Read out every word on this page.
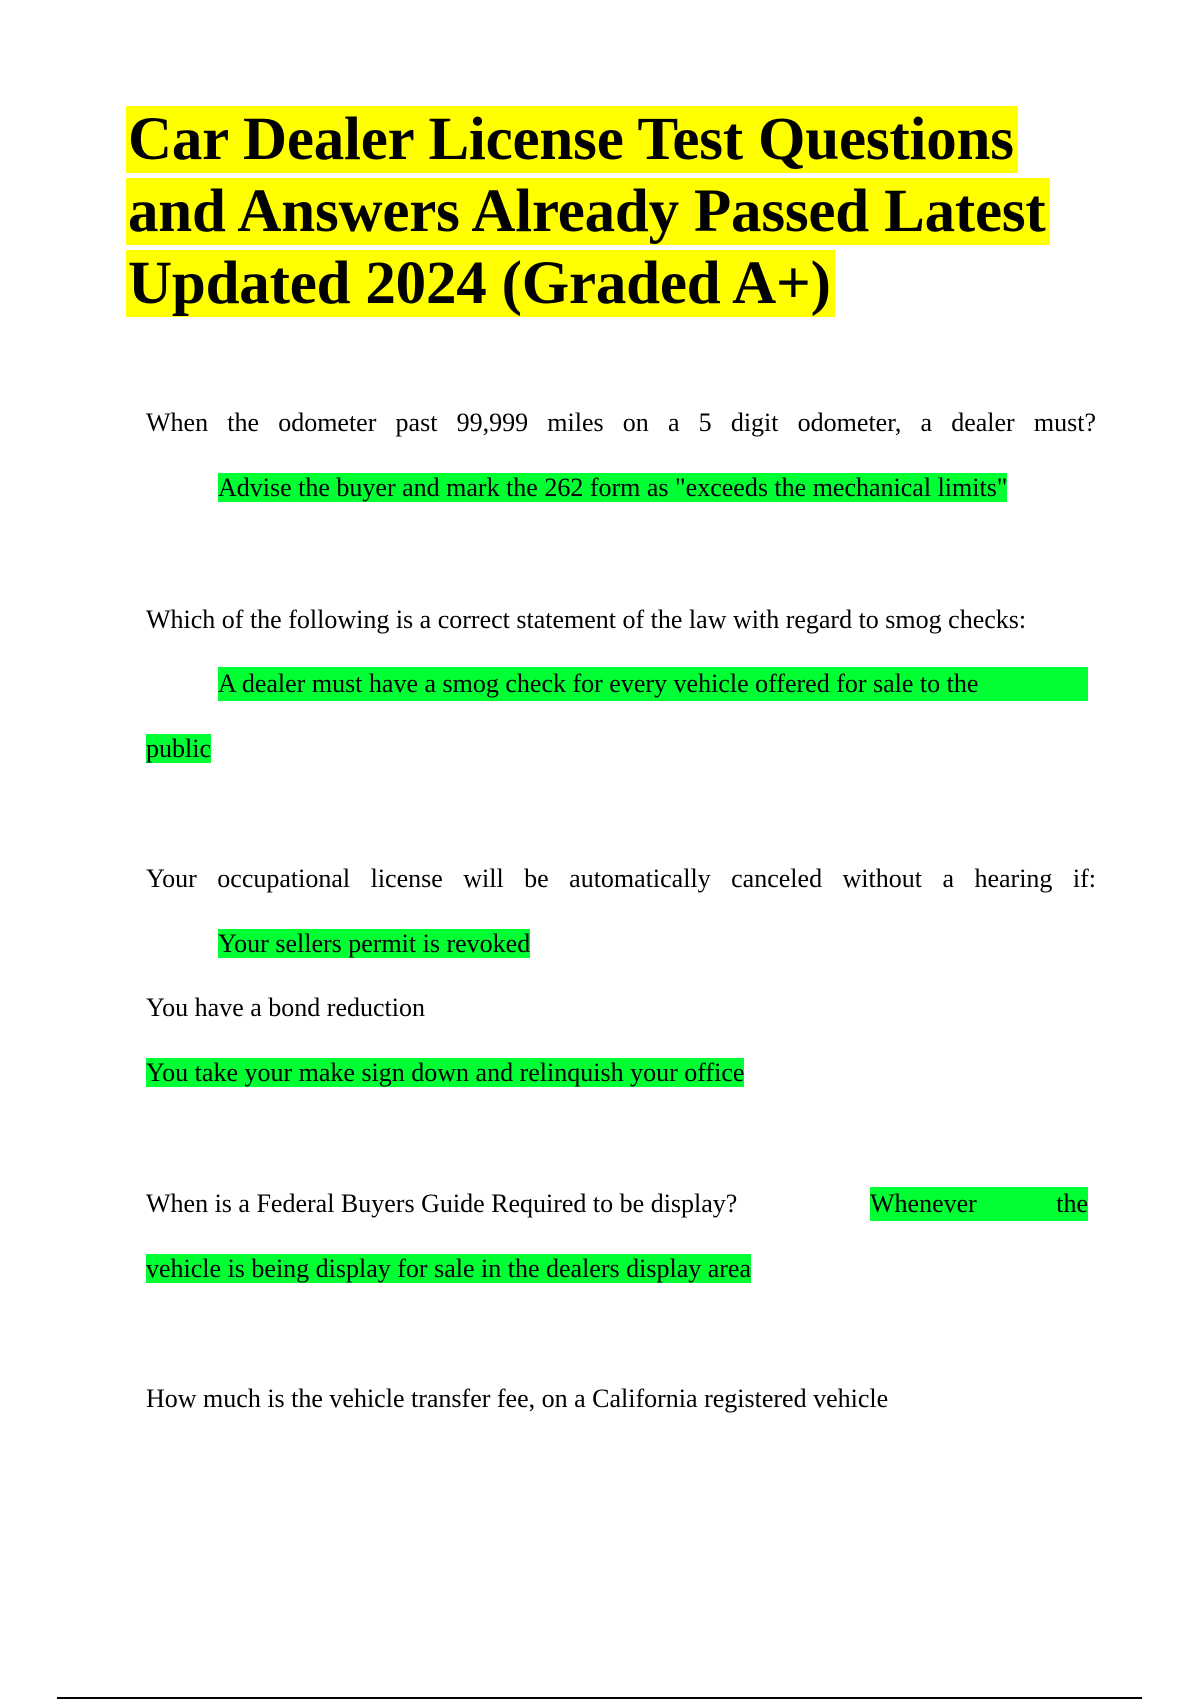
Car Dealer License Test Questions and Answers Already Passed Latest Updated 2024 (Graded A+)
When the odometer past 99,999 miles on a 5 digit odometer, a dealer must?
Advise the buyer and mark the 262 form as "exceeds the mechanical limits"
Which of the following is a correct statement of the law with regard to smog checks:
A dealer must have a smog check for every vehicle offered for sale to the
public
Your occupational license will be automatically canceled without a hearing if:
Your sellers permit is revoked
You have a bond reduction
You take your make sign down and relinquish your office
When is a Federal Buyers Guide Required to be display?	Whenever the
vehicle is being display for sale in the dealers display area
How much is the vehicle transfer fee, on a California registered vehicle
